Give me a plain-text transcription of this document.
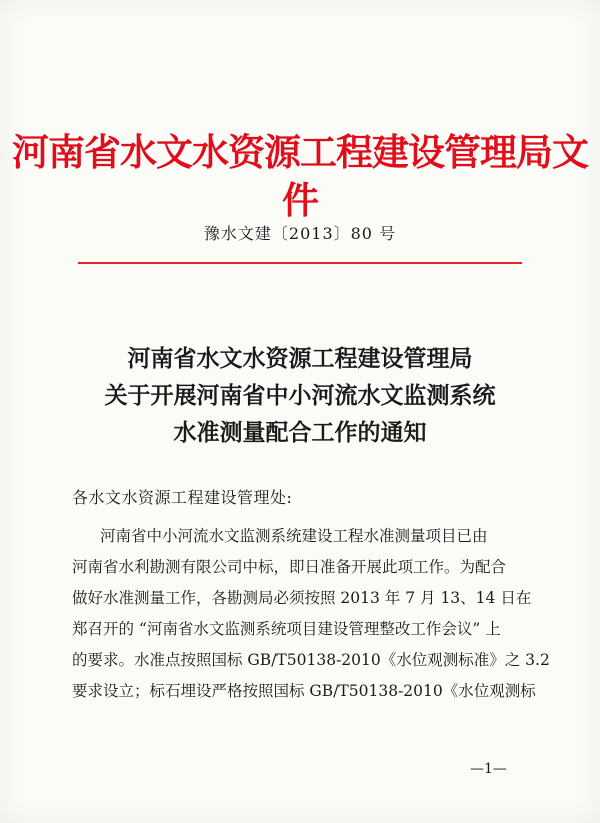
河南省水文水资源工程建设管理局文件
豫水文建〔2013〕80 号
河南省水文水资源工程建设管理局
关于开展河南省中小河流水文监测系统
水准测量配合工作的通知
各水文水资源工程建设管理处:
河南省中小河流水文监测系统建设工程水准测量项目已由
河南省水利勘测有限公司中标，即日准备开展此项工作。为配合
做好水准测量工作，各勘测局必须按照 2013 年 7 月 13、14 日在
郑召开的 “河南省水文监测系统项目建设管理整改工作会议” 上
的要求。水准点按照国标 GB/T50138-2010《水位观测标准》之 3.2
要求设立；标石埋设严格按照国标 GB/T50138-2010《水位观测标
—1—
